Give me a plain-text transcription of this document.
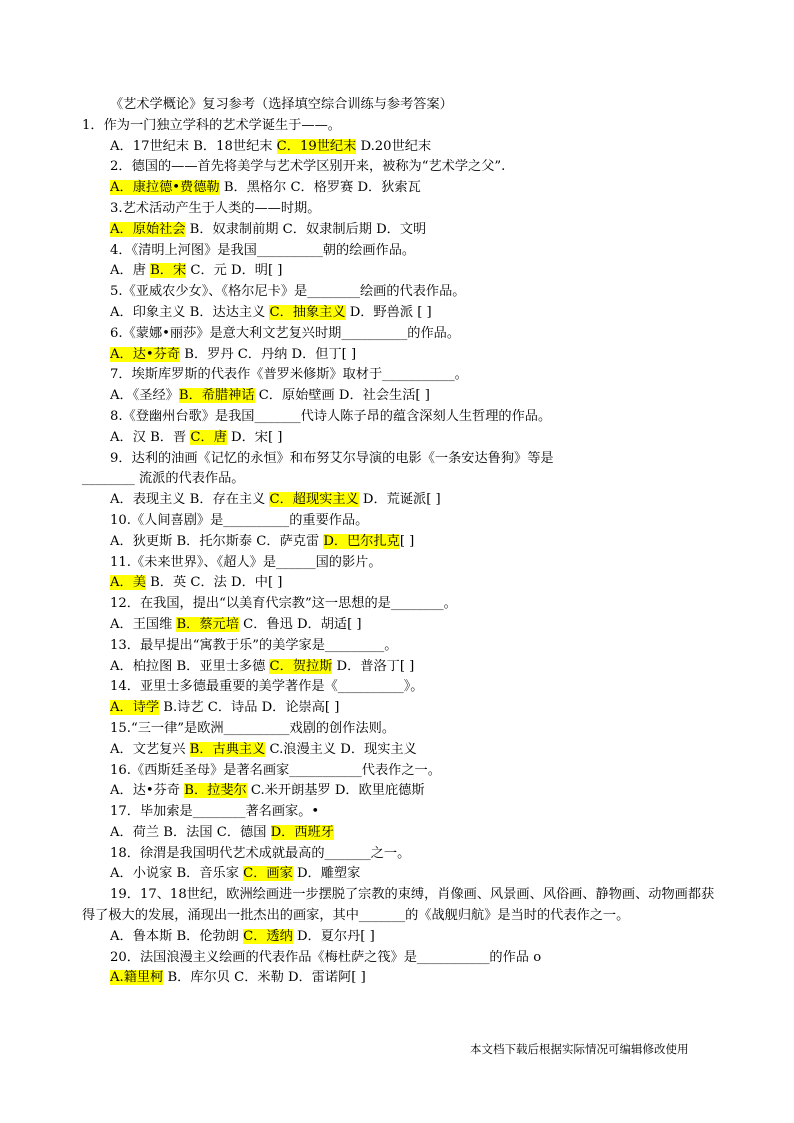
《艺术学概论》复习参考（选择填空综合训练与参考答案）
1．作为一门独立学科的艺术学诞生于——。
A．17世纪末 B．18世纪末 C．19世纪末 D.20世纪末
2．德国的——首先将美学与艺术学区别开来，被称为“艺术学之父”.
A．康拉德•费德勒 B．黑格尔 C．格罗赛 D．狄索瓦
3.艺术活动产生于人类的——时期。
A．原始社会 B．奴隶制前期 C．奴隶制后期 D．文明
4．《清明上河图》是我国__________朝的绘画作品。
A．唐 B．宋 C．元 D．明[ ]
5.《亚威农少女》、《格尔尼卡》是________绘画的代表作品。
A．印象主义 B．达达主义 C．抽象主义 D．野兽派 [ ]
6.《蒙娜•丽莎》是意大利文艺复兴时期__________的作品。
A．达•芬奇 B．罗丹 C．丹纳 D．但丁[ ]
7．埃斯库罗斯的代表作《普罗米修斯》取材于___________。
A．《圣经》B．希腊神话 C．原始壁画 D．社会生活[ ]
8.《登幽州台歌》是我国_______代诗人陈子昂的蕴含深刻人生哲理的作品。
A．汉 B．晋 C．唐 D．宋[ ]
9．达利的油画《记忆的永恒》和布努艾尔导演的电影《一条安达鲁狗》等是
________ 流派的代表作品。
A．表现主义 B．存在主义 C．超现实主义 D．荒诞派[ ]
10.《人间喜剧》是__________的重要作品。
A．狄更斯 B．托尔斯泰 C．萨克雷 D．巴尔扎克[ ]
11.《未来世界》、《超人》是______国的影片。
A．美 B．英 C．法 D．中[ ]
12．在我国，提出“以美育代宗教”这一思想的是________。
A．王国维 B．蔡元培 C．鲁迅 D．胡适[ ]
13．最早提出“寓教于乐”的美学家是_________。
A．柏拉图 B．亚里士多德 C．贺拉斯 D．普洛丁[ ]
14．亚里士多德最重要的美学著作是《__________》。
A．诗学 B.诗艺 C．诗品 D．论崇高[ ]
15.“三一律”是欧洲__________戏剧的创作法则。
A．文艺复兴 B．古典主义 C.浪漫主义 D．现实主义
16.《西斯廷圣母》是著名画家___________代表作之一。
A．达•芬奇 B．拉斐尔 C.米开朗基罗 D．欧里庇德斯
17．毕加索是________著名画家。•
A．荷兰 B．法国 C．德国 D．西班牙
18．徐渭是我国明代艺术成就最高的_______之一。
A．小说家 B．音乐家 C．画家 D．雕塑家
19．17、18世纪，欧洲绘画进一步摆脱了宗教的束缚，肖像画、风景画、风俗画、静物画、动物画都获得了极大的发展，涌现出一批杰出的画家，其中_______的《战舰归航》是当时的代表作之一。
A．鲁本斯 B．伦勃朗 C．透纳 D．夏尔丹[ ]
20．法国浪漫主义绘画的代表作品《梅杜萨之筏》是___________的作品 o
A.籍里柯 B．库尔贝 C．米勒 D．雷诺阿[ ]
本文档下载后根据实际情况可编辑修改使用
